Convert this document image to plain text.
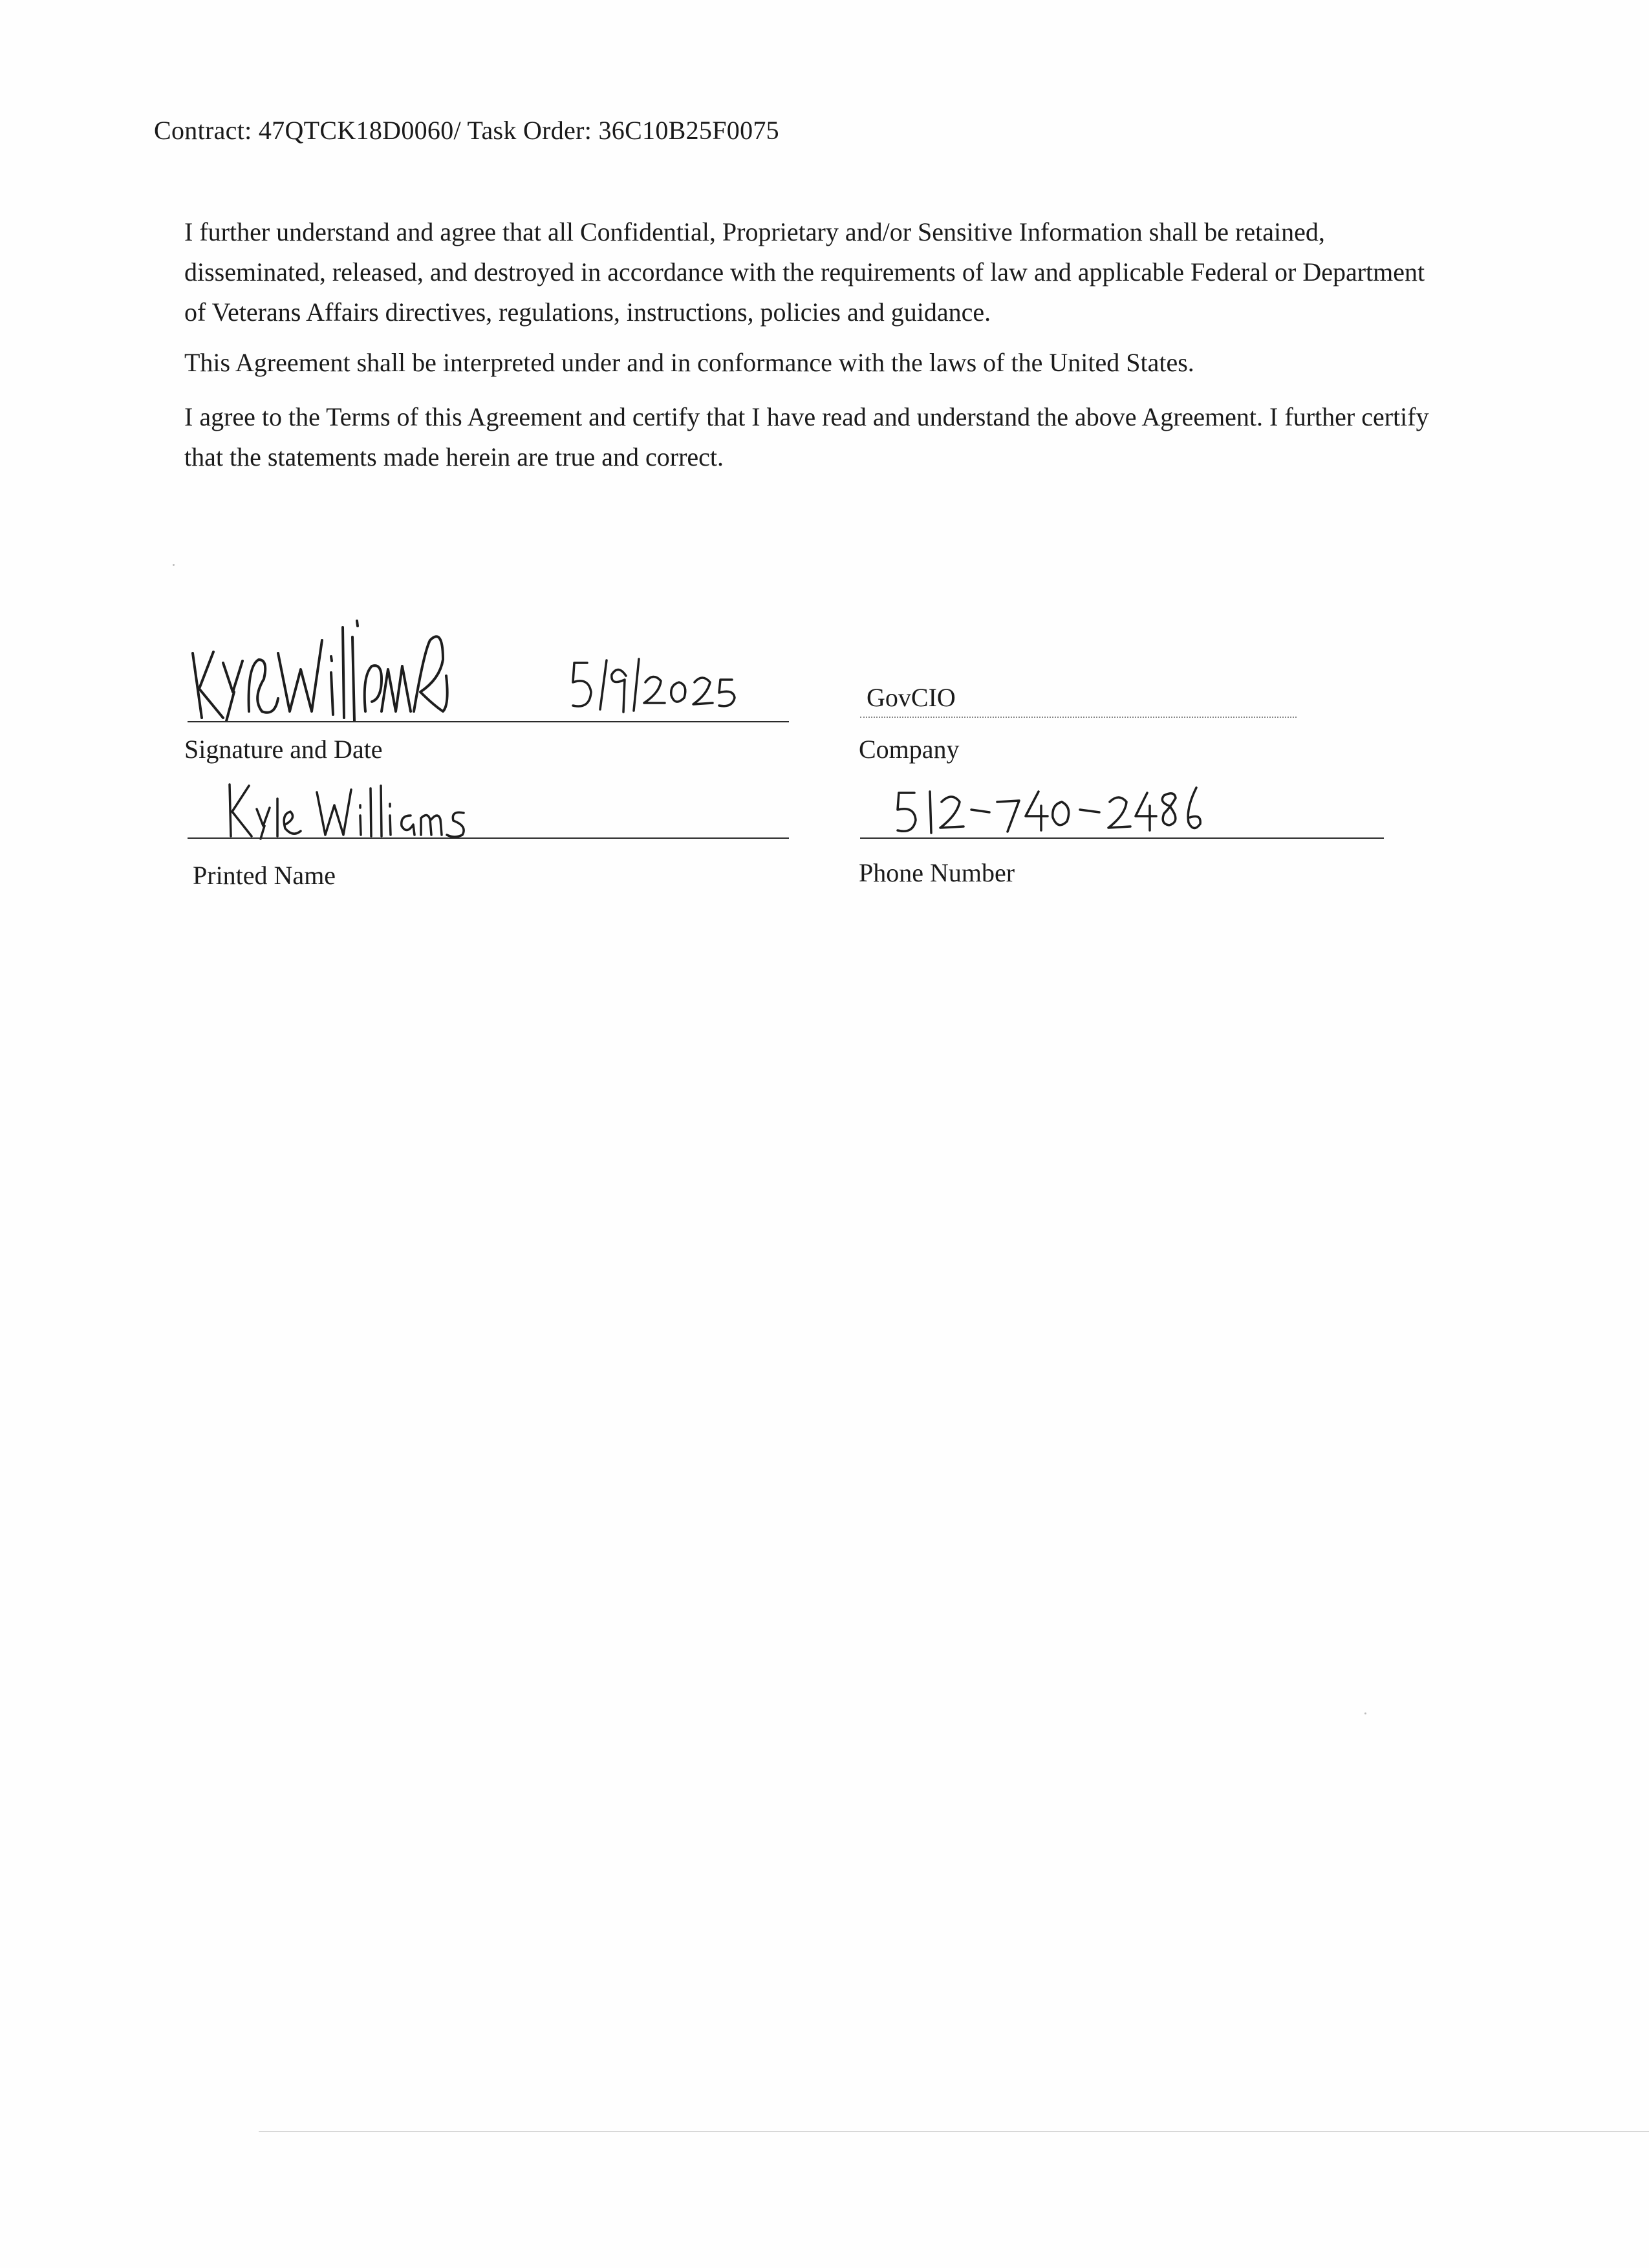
Contract: 47QTCK18D0060/ Task Order: 36C10B25F0075

I further understand and agree that all Confidential, Proprietary and/or Sensitive Information shall be retained, disseminated, released, and destroyed in accordance with the requirements of law and applicable Federal or Department of Veterans Affairs directives, regulations, instructions, policies and guidance.

This Agreement shall be interpreted under and in conformance with the laws of the United States.

I agree to the Terms of this Agreement and certify that I have read and understand the above Agreement. I further certify that the statements made herein are true and correct.

Signature and Date
GovCIO
Company
Printed Name	Phone Number
